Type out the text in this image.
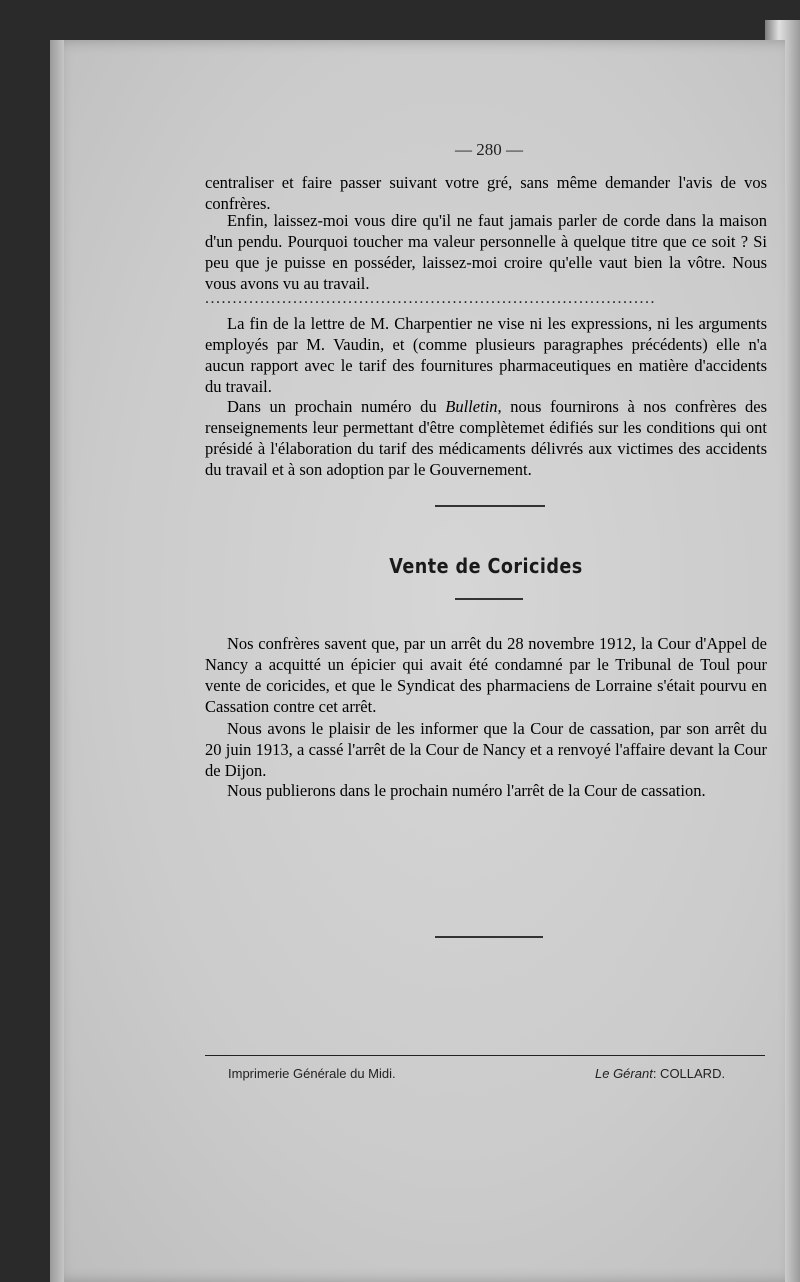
— 280 —

centraliser et faire passer suivant votre gré, sans même demander l'avis de vos confrères.

Enfin, laissez-moi vous dire qu'il ne faut jamais parler de corde dans la maison d'un pendu. Pourquoi toucher ma valeur personnelle à quelque titre que ce soit ? Si peu que je puisse en posséder, laissez-moi croire qu'elle vaut bien la vôtre. Nous vous avons vu au travail.

..................................................................................

La fin de la lettre de M. Charpentier ne vise ni les expressions, ni les arguments employés par M. Vaudin, et (comme plusieurs paragraphes précédents) elle n'a aucun rapport avec le tarif des fournitures pharmaceutiques en matière d'accidents du travail.

Dans un prochain numéro du Bulletin, nous fournirons à nos confrères des renseignements leur permettant d'être complètemet édifiés sur les conditions qui ont présidé à l'élaboration du tarif des médicaments délivrés aux victimes des accidents du travail et à son adoption par le Gouvernement.

Vente de Coricides

Nos confrères savent que, par un arrêt du 28 novembre 1912, la Cour d'Appel de Nancy a acquitté un épicier qui avait été condamné par le Tribunal de Toul pour vente de coricides, et que le Syndicat des pharmaciens de Lorraine s'était pourvu en Cassation contre cet arrêt.

Nous avons le plaisir de les informer que la Cour de cassation, par son arrêt du 20 juin 1913, a cassé l'arrêt de la Cour de Nancy et a renvoyé l'affaire devant la Cour de Dijon.

Nous publierons dans le prochain numéro l'arrêt de la Cour de cassation.

Imprimerie Générale du Midi.	Le Gérant: COLLARD.
